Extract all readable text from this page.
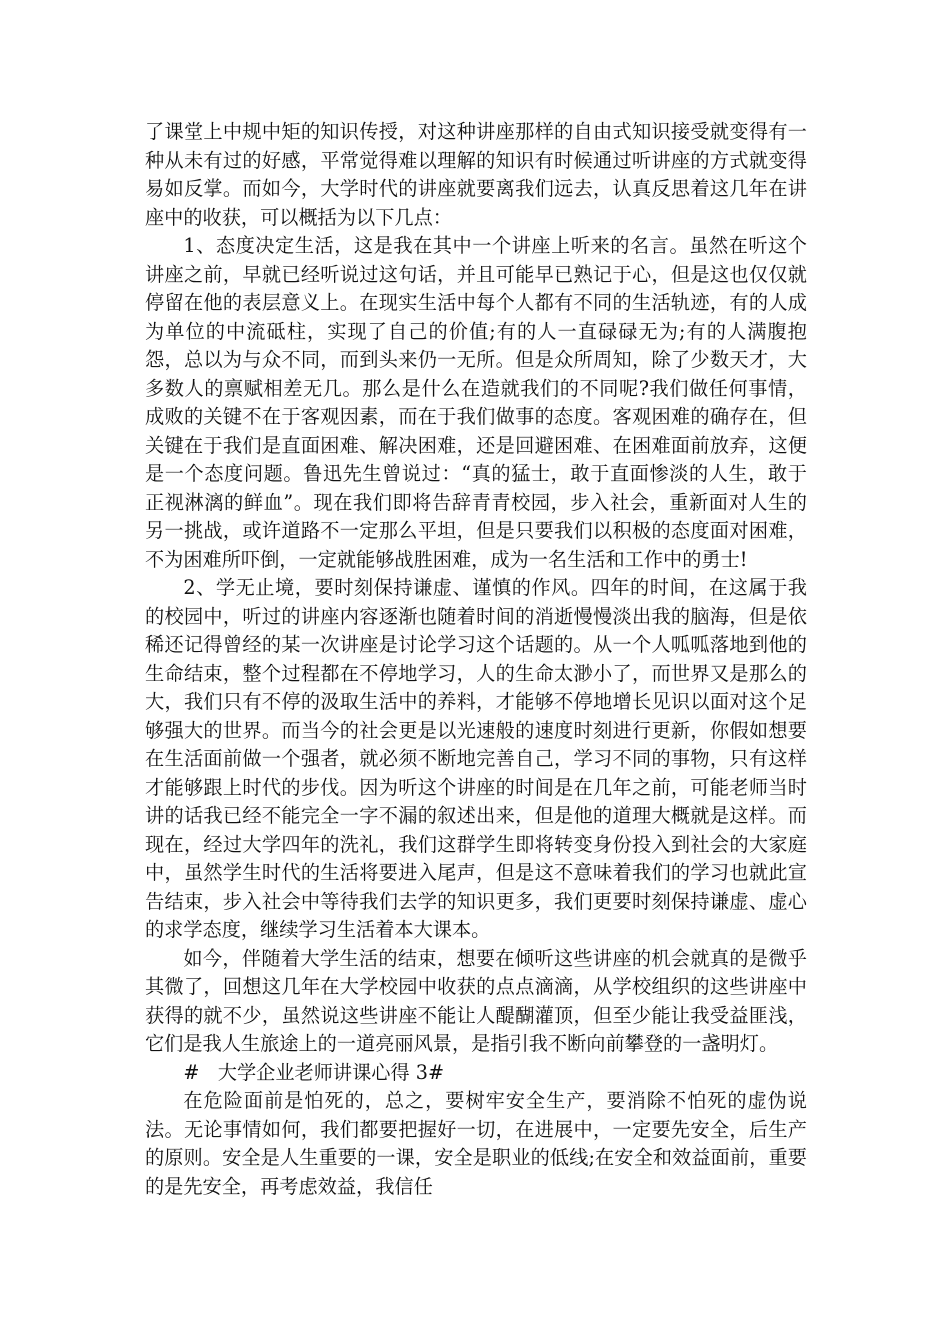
了课堂上中规中矩的知识传授，对这种讲座那样的自由式知识接受就变得有一种从未有过的好感，平常觉得难以理解的知识有时候通过听讲座的方式就变得易如反掌。而如今，大学时代的讲座就要离我们远去，认真反思着这几年在讲座中的收获，可以概括为以下几点：

1、态度决定生活，这是我在其中一个讲座上听来的名言。虽然在听这个讲座之前，早就已经听说过这句话，并且可能早已熟记于心，但是这也仅仅就停留在他的表层意义上。在现实生活中每个人都有不同的生活轨迹，有的人成为单位的中流砥柱，实现了自己的价值;有的人一直碌碌无为;有的人满腹抱怨，总以为与众不同，而到头来仍一无所。但是众所周知，除了少数天才，大多数人的禀赋相差无几。那么是什么在造就我们的不同呢?我们做任何事情，成败的关键不在于客观因素，而在于我们做事的态度。客观困难的确存在，但关键在于我们是直面困难、解决困难，还是回避困难、在困难面前放弃，这便是一个态度问题。鲁迅先生曾说过：“真的猛士，敢于直面惨淡的人生，敢于正视淋漓的鲜血”。现在我们即将告辞青青校园，步入社会，重新面对人生的另一挑战，或许道路不一定那么平坦，但是只要我们以积极的态度面对困难，不为困难所吓倒，一定就能够战胜困难，成为一名生活和工作中的勇士!

2、学无止境，要时刻保持谦虚、谨慎的作风。四年的时间，在这属于我的校园中，听过的讲座内容逐渐也随着时间的消逝慢慢淡出我的脑海，但是依稀还记得曾经的某一次讲座是讨论学习这个话题的。从一个人呱呱落地到他的生命结束，整个过程都在不停地学习，人的生命太渺小了，而世界又是那么的大，我们只有不停的汲取生活中的养料，才能够不停地增长见识以面对这个足够强大的世界。而当今的社会更是以光速般的速度时刻进行更新，你假如想要在生活面前做一个强者，就必须不断地完善自己，学习不同的事物，只有这样才能够跟上时代的步伐。因为听这个讲座的时间是在几年之前，可能老师当时讲的话我已经不能完全一字不漏的叙述出来，但是他的道理大概就是这样。而现在，经过大学四年的洗礼，我们这群学生即将转变身份投入到社会的大家庭中，虽然学生时代的生活将要进入尾声，但是这不意味着我们的学习也就此宣告结束，步入社会中等待我们去学的知识更多，我们更要时刻保持谦虚、虚心的求学态度，继续学习生活着本大课本。

如今，伴随着大学生活的结束，想要在倾听这些讲座的机会就真的是微乎其微了，回想这几年在大学校园中收获的点点滴滴，从学校组织的这些讲座中获得的就不少，虽然说这些讲座不能让人醍醐灌顶，但至少能让我受益匪浅，它们是我人生旅途上的一道亮丽风景，是指引我不断向前攀登的一盏明灯。

#   大学企业老师讲课心得 3#

在危险面前是怕死的，总之，要树牢安全生产，要消除不怕死的虚伪说法。无论事情如何，我们都要把握好一切，在进展中，一定要先安全，后生产的原则。安全是人生重要的一课，安全是职业的低线;在安全和效益面前，重要的是先安全，再考虑效益，我信任
